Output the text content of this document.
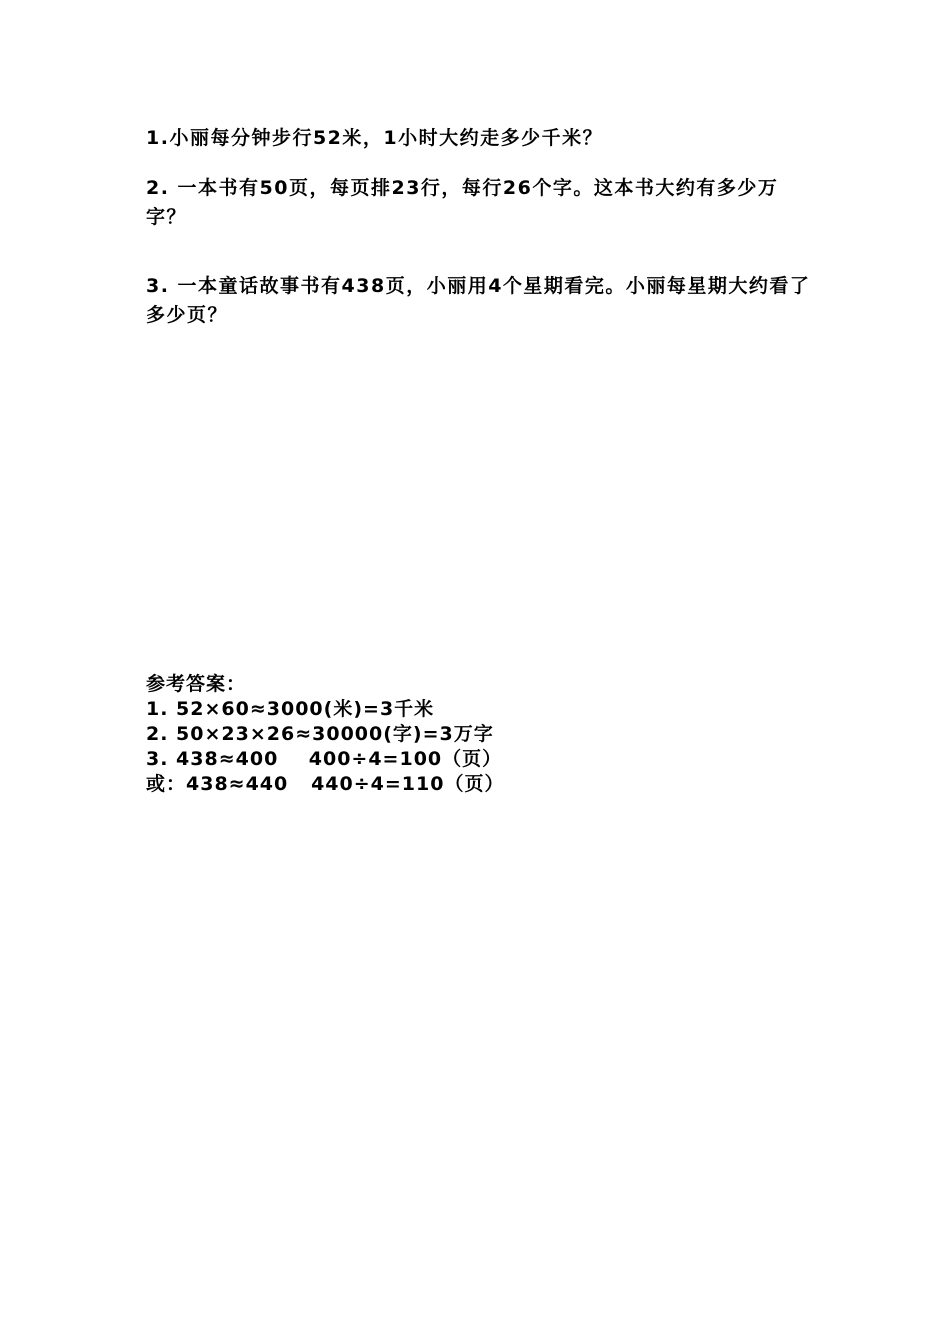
1.小丽每分钟步行52米，1小时大约走多少千米？

2. 一本书有50页，每页排23行，每行26个字。这本书大约有多少万字？

3. 一本童话故事书有438页，小丽用4个星期看完。小丽每星期大约看了多少页？

参考答案：
1. 52×60≈3000(米)=3千米
2. 50×23×26≈30000(字)=3万字
3. 438≈400    400÷4=100（页）
或：438≈440   440÷4=110（页）
